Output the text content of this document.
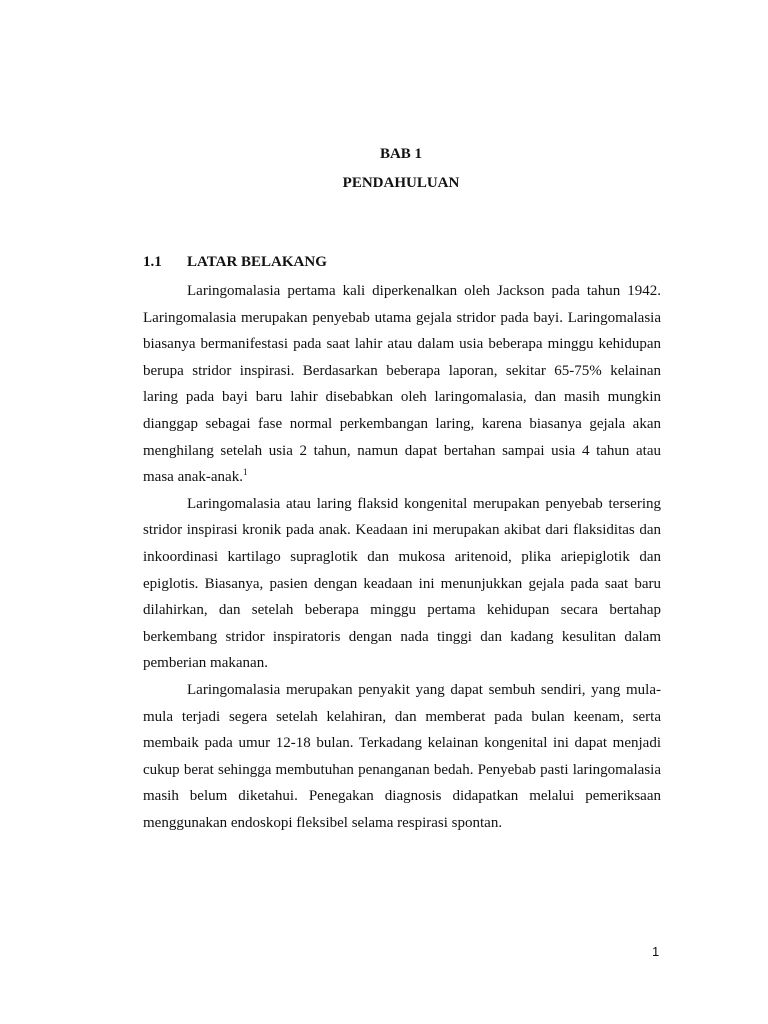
BAB 1
PENDAHULUAN
1.1 LATAR BELAKANG

Laringomalasia pertama kali diperkenalkan oleh Jackson pada tahun 1942. Laringomalasia merupakan penyebab utama gejala stridor pada bayi. Laringomalasia biasanya bermanifestasi pada saat lahir atau dalam usia beberapa minggu kehidupan berupa stridor inspirasi. Berdasarkan beberapa laporan, sekitar 65-75% kelainan laring pada bayi baru lahir disebabkan oleh laringomalasia, dan masih mungkin dianggap sebagai fase normal perkembangan laring, karena biasanya gejala akan menghilang setelah usia 2 tahun, namun dapat bertahan sampai usia 4 tahun atau masa anak-anak.$^1$

Laringomalasia atau laring flaksid kongenital merupakan penyebab tersering stridor inspirasi kronik pada anak. Keadaan ini merupakan akibat dari flaksiditas dan inkoordinasi kartilago supraglotik dan mukosa aritenoid, plika ariepiglotik dan epiglotis. Biasanya, pasien dengan keadaan ini menunjukkan gejala pada saat baru dilahirkan, dan setelah beberapa minggu pertama kehidupan secara bertahap berkembang stridor inspiratoris dengan nada tinggi dan kadang kesulitan dalam pemberian makanan.

Laringomalasia merupakan penyakit yang dapat sembuh sendiri, yang mula-mula terjadi segera setelah kelahiran, dan memberat pada bulan keenam, serta membaik pada umur 12-18 bulan. Terkadang kelainan kongenital ini dapat menjadi cukup berat sehingga membutuhan penanganan bedah. Penyebab pasti laringomalasia masih belum diketahui. Penegakan diagnosis didapatkan melalui pemeriksaan menggunakan endoskopi fleksibel selama respirasi spontan.

1
